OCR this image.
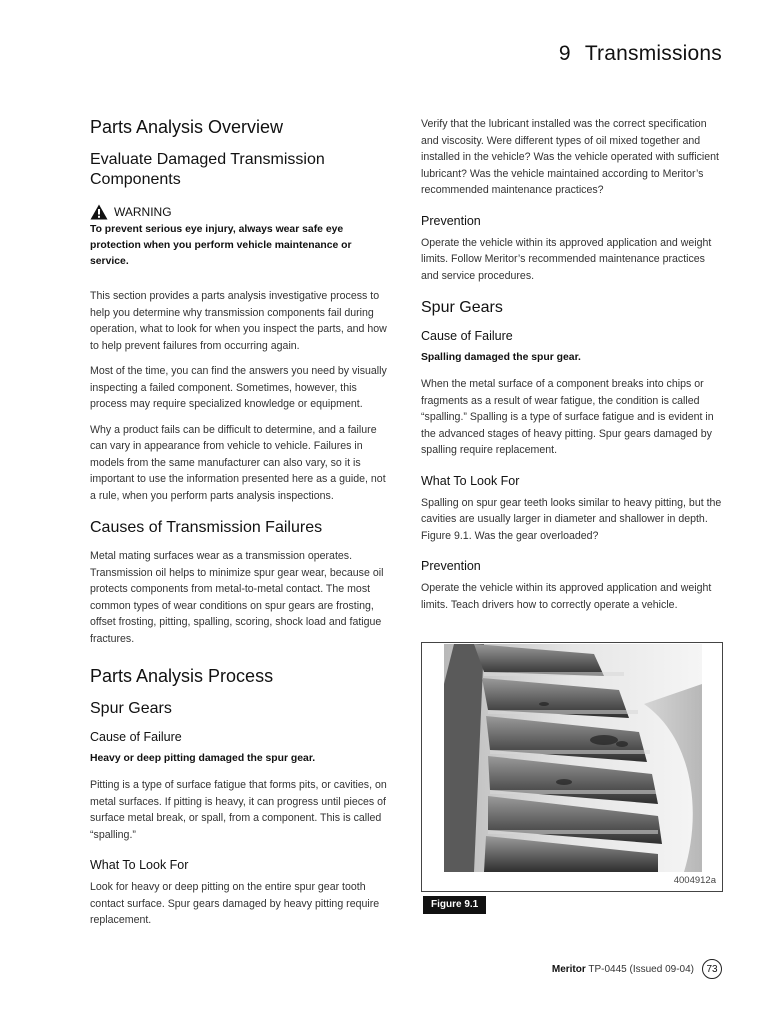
9 Transmissions
Parts Analysis Overview
Evaluate Damaged Transmission Components
WARNING

To prevent serious eye injury, always wear safe eye protection when you perform vehicle maintenance or service.

This section provides a parts analysis investigative process to help you determine why transmission components fail during operation, what to look for when you inspect the parts, and how to help prevent failures from occurring again.

Most of the time, you can find the answers you need by visually inspecting a failed component. Sometimes, however, this process may require specialized knowledge or equipment.

Why a product fails can be difficult to determine, and a failure can vary in appearance from vehicle to vehicle. Failures in models from the same manufacturer can also vary, so it is important to use the information presented here as a guide, not a rule, when you perform parts analysis inspections.

Causes of Transmission Failures

Metal mating surfaces wear as a transmission operates. Transmission oil helps to minimize spur gear wear, because oil protects components from metal-to-metal contact. The most common types of wear conditions on spur gears are frosting, offset frosting, pitting, spalling, scoring, shock load and fatigue fractures.

Parts Analysis Process
Spur Gears
Cause of Failure

Heavy or deep pitting damaged the spur gear.

Pitting is a type of surface fatigue that forms pits, or cavities, on metal surfaces. If pitting is heavy, it can progress until pieces of surface metal break, or spall, from a component. This is called “spalling.”

What To Look For

Look for heavy or deep pitting on the entire spur gear tooth contact surface. Spur gears damaged by heavy pitting require replacement.

Verify that the lubricant installed was the correct specification and viscosity. Were different types of oil mixed together and installed in the vehicle? Was the vehicle operated with sufficient lubricant? Was the vehicle maintained according to Meritor’s recommended maintenance practices?

Prevention

Operate the vehicle within its approved application and weight limits. Follow Meritor’s recommended maintenance practices and service procedures.

Spur Gears
Cause of Failure

Spalling damaged the spur gear.

When the metal surface of a component breaks into chips or fragments as a result of wear fatigue, the condition is called “spalling.” Spalling is a type of surface fatigue and is evident in the advanced stages of heavy pitting. Spur gears damaged by spalling require replacement.

What To Look For

Spalling on spur gear teeth looks similar to heavy pitting, but the cavities are usually larger in diameter and shallower in depth. Figure 9.1. Was the gear overloaded?

Prevention

Operate the vehicle within its approved application and weight limits. Teach drivers how to correctly operate a vehicle.

4004912a
Figure 9.1
Meritor TP-0445 (Issued 09-04)	73
